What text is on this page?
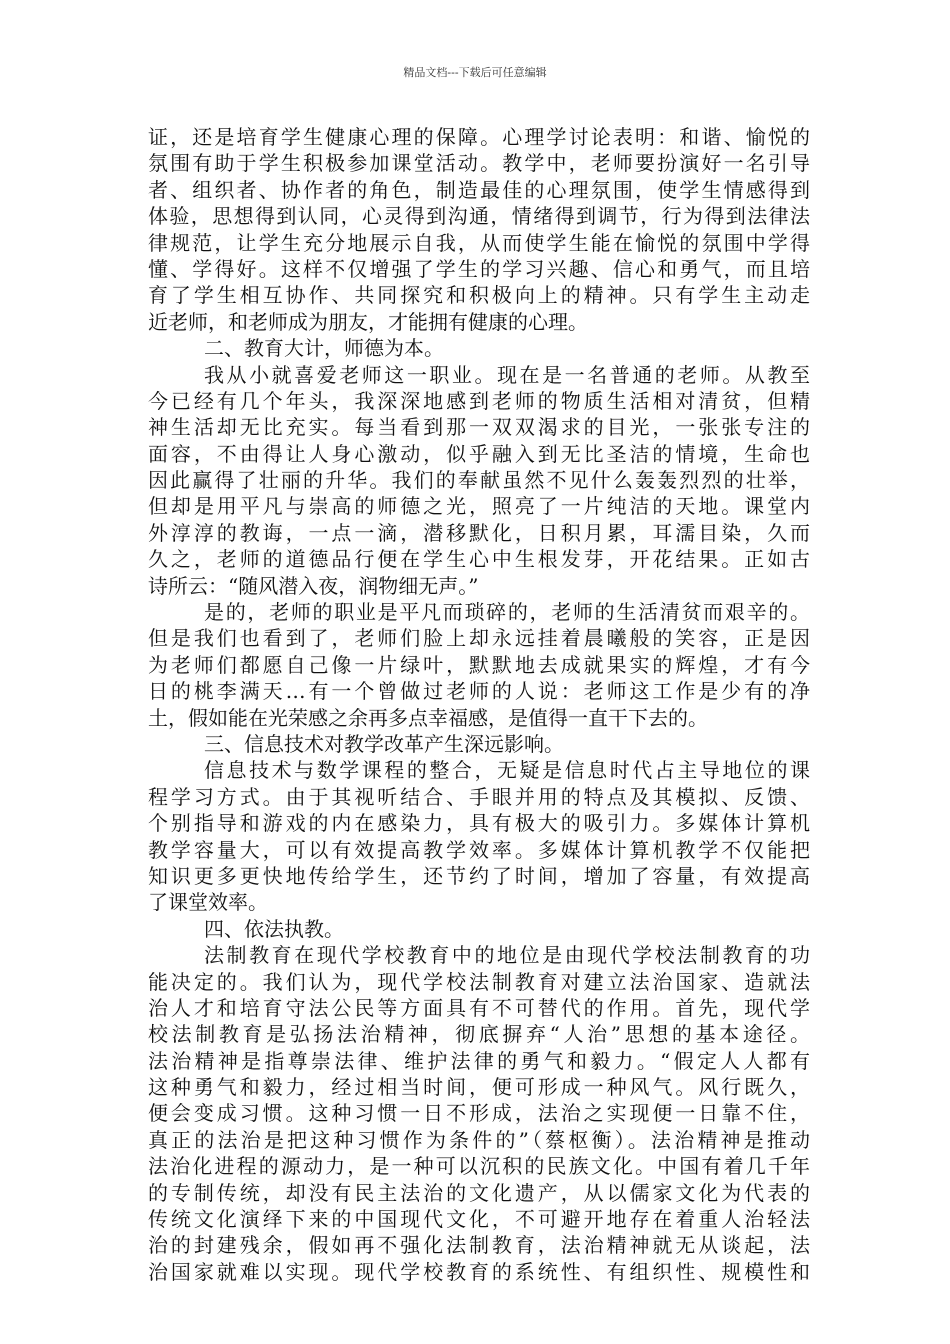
精品文档---下载后可任意编辑
证，还是培育学生健康心理的保障。心理学讨论表明：和谐、愉悦的
氛围有助于学生积极参加课堂活动。教学中，老师要扮演好一名引导
者、组织者、协作者的角色，制造最佳的心理氛围，使学生情感得到
体验，思想得到认同，心灵得到沟通，情绪得到调节，行为得到法律法
律规范，让学生充分地展示自我，从而使学生能在愉悦的氛围中学得
懂、学得好。这样不仅增强了学生的学习兴趣、信心和勇气，而且培
育了学生相互协作、共同探究和积极向上的精神。只有学生主动走
近老师，和老师成为朋友，才能拥有健康的心理。
二、教育大计，师德为本。
我从小就喜爱老师这一职业。现在是一名普通的老师。从教至
今已经有几个年头，我深深地感到老师的物质生活相对清贫，但精
神生活却无比充实。每当看到那一双双渴求的目光，一张张专注的
面容，不由得让人身心激动，似乎融入到无比圣洁的情境，生命也
因此赢得了壮丽的升华。我们的奉献虽然不见什么轰轰烈烈的壮举，
但却是用平凡与崇高的师德之光，照亮了一片纯洁的天地。课堂内
外淳淳的教诲，一点一滴，潜移默化，日积月累，耳濡目染，久而
久之，老师的道德品行便在学生心中生根发芽，开花结果。正如古
诗所云：“随风潜入夜，润物细无声。”
是的，老师的职业是平凡而琐碎的，老师的生活清贫而艰辛的。
但是我们也看到了，老师们脸上却永远挂着晨曦般的笑容，正是因
为老师们都愿自己像一片绿叶，默默地去成就果实的辉煌，才有今
日的桃李满天…有一个曾做过老师的人说：老师这工作是少有的净
土，假如能在光荣感之余再多点幸福感，是值得一直干下去的。
三、信息技术对教学改革产生深远影响。
信息技术与数学课程的整合，无疑是信息时代占主导地位的课
程学习方式。由于其视听结合、手眼并用的特点及其模拟、反馈、
个别指导和游戏的内在感染力，具有极大的吸引力。多媒体计算机
教学容量大，可以有效提高教学效率。多媒体计算机教学不仅能把
知识更多更快地传给学生，还节约了时间，增加了容量，有效提高
了课堂效率。
四、依法执教。
法制教育在现代学校教育中的地位是由现代学校法制教育的功
能决定的。我们认为，现代学校法制教育对建立法治国家、造就法
治人才和培育守法公民等方面具有不可替代的作用。首先，现代学
校法制教育是弘扬法治精神，彻底摒弃“人治”思想的基本途径。
法治精神是指尊崇法律、维护法律的勇气和毅力。“假定人人都有
这种勇气和毅力，经过相当时间，便可形成一种风气。风行既久，
便会变成习惯。这种习惯一日不形成，法治之实现便一日靠不住，
真正的法治是把这种习惯作为条件的”（蔡枢衡）。法治精神是推动
法治化进程的源动力，是一种可以沉积的民族文化。中国有着几千年
的专制传统，却没有民主法治的文化遗产，从以儒家文化为代表的
传统文化演绎下来的中国现代文化，不可避开地存在着重人治轻法
治的封建残余，假如再不强化法制教育，法治精神就无从谈起，法
治国家就难以实现。现代学校教育的系统性、有组织性、规模性和
